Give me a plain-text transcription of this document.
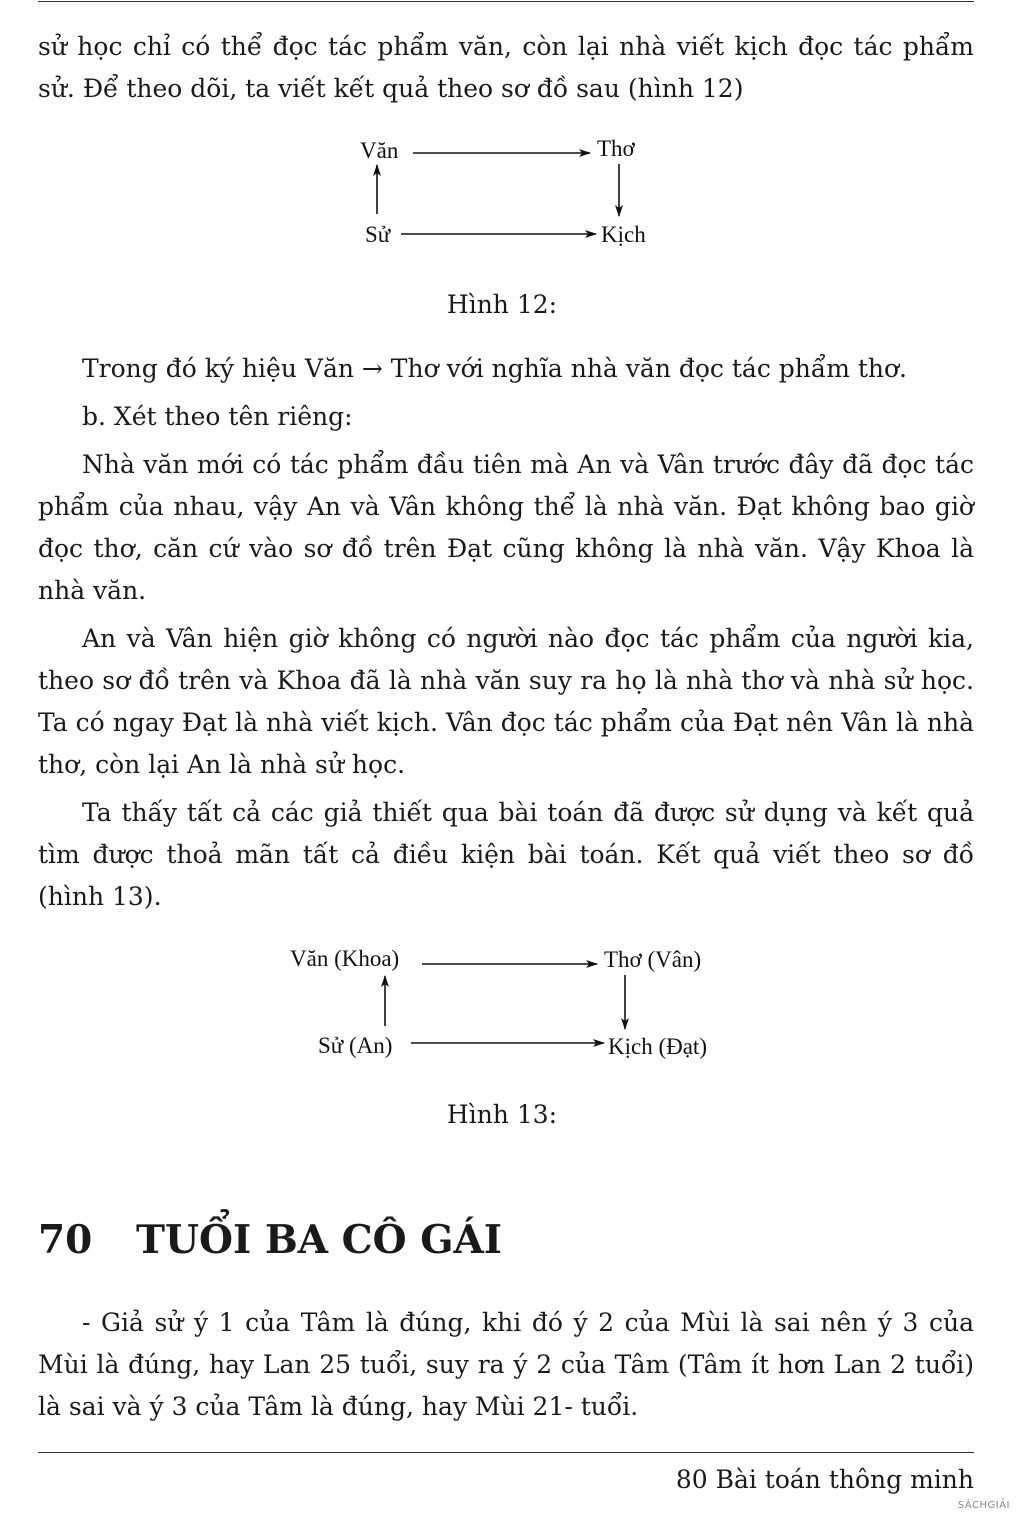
sử học chỉ có thể đọc tác phẩm văn, còn lại nhà viết kịch đọc tác phẩm sử. Để theo dõi, ta viết kết quả theo sơ đồ sau (hình 12)

Văn	Thơ
Sử	Kịch
Văn (Khoa)	Thơ (Vân)
Sử (An)	Kịch (Đạt)
Hình 12:

Trong đó ký hiệu Văn → Thơ với nghĩa nhà văn đọc tác phẩm thơ.

b. Xét theo tên riêng:

Nhà văn mới có tác phẩm đầu tiên mà An và Vân trước đây đã đọc tác phẩm của nhau, vậy An và Vân không thể là nhà văn. Đạt không bao giờ đọc thơ, căn cứ vào sơ đồ trên Đạt cũng không là nhà văn. Vậy Khoa là nhà văn.

An và Vân hiện giờ không có người nào đọc tác phẩm của người kia, theo sơ đồ trên và Khoa đã là nhà văn suy ra họ là nhà thơ và nhà sử học. Ta có ngay Đạt là nhà viết kịch. Vân đọc tác phẩm của Đạt nên Vân là nhà thơ, còn lại An là nhà sử học.

Ta thấy tất cả các giả thiết qua bài toán đã được sử dụng và kết quả tìm được thoả mãn tất cả điều kiện bài toán. Kết quả viết theo sơ đồ (hình 13).

Hình 13:
70 TUỔI BA CÔ GÁI

- Giả sử ý 1 của Tâm là đúng, khi đó ý 2 của Mùi là sai nên ý 3 của Mùi là đúng, hay Lan 25 tuổi, suy ra ý 2 của Tâm (Tâm ít hơn Lan 2 tuổi) là sai và ý 3 của Tâm là đúng, hay Mùi 21- tuổi.

80 Bài toán thông minh
SÁCHGIẢI
